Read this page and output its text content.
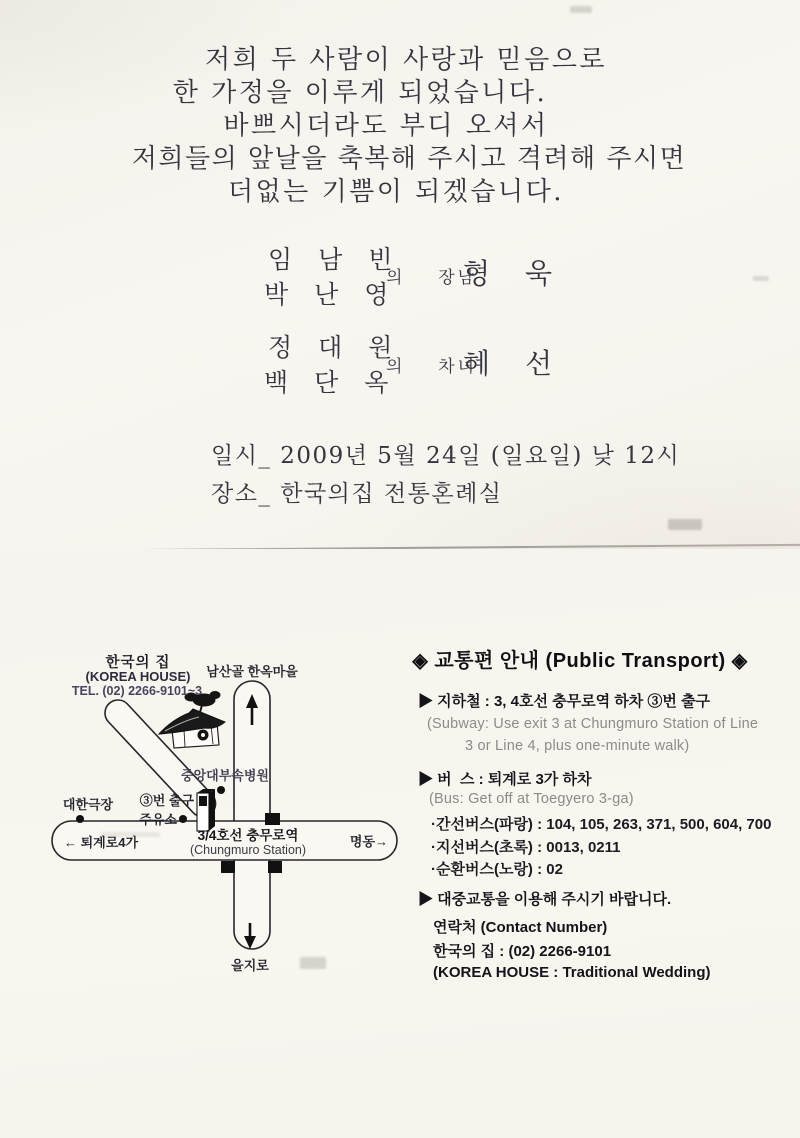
저희 두 사람이 사랑과 믿음으로
한 가정을 이루게 되었습니다.
바쁘시더라도 부디 오셔서
저희들의 앞날을 축복해 주시고 격려해 주시면
더없는 기쁨이 되겠습니다.
임 남 빈
박 난 영
의  장남
형 욱
정 대 원
백 단 옥
의  차녀
혜 선
일시_ 2009년 5월 24일 (일요일) 낮 12시
장소_ 한국의집 전통혼례실
한국의 집
(KOREA HOUSE)
TEL. (02) 2266-9101~3
남산골 한옥마을
중앙대부속병원
③번 출구
대한극장
주유소
← 퇴계로4가	3/4호선 충무로역
(Chungmuro Station)
명동→
을지로
◈ 교통편 안내 (Public Transport) ◈
▶ 지하철 : 3, 4호선 충무로역 하차 ③번 출구
(Subway: Use exit 3 at Chungmuro Station of Line
3 or Line 4, plus one-minute walk)
▶ 버  스 : 퇴계로 3가 하차
(Bus: Get off at Toegyero 3-ga)
·간선버스(파랑) : 104, 105, 263, 371, 500, 604, 700
·지선버스(초록) : 0013, 0211
·순환버스(노랑) : 02
▶ 대중교통을 이용해 주시기 바랍니다.
연락처 (Contact Number)
한국의 집 : (02) 2266-9101
(KOREA HOUSE : Traditional Wedding)
